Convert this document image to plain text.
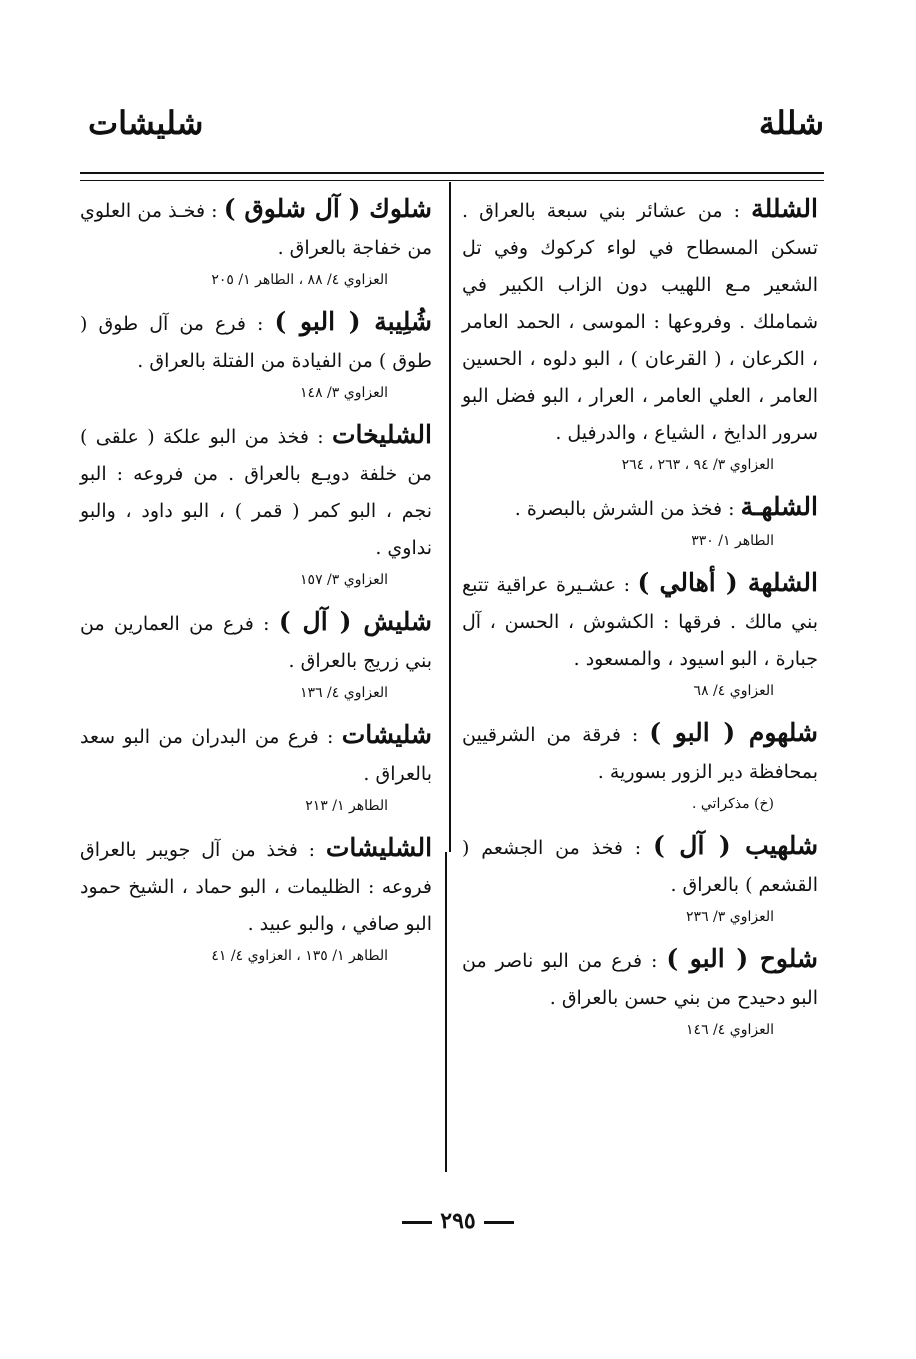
شللة
شليشات

الشللة : من عشائر بني سبعة بالعراق . تسكن المسطاح في لواء كركوك وفي تل الشعير مـع اللهيب دون الزاب الكبير في شماملك . وفروعها : الموسى ، الحمد العامر ، الكرعان ، ( القرعان ) ، البو دلوه ، الحسين العامر ، العلي العامر ، العرار ، البو فضل البو سرور الدايخ ، الشياع ، والدرفيل .

العزاوي ٣/ ٩٤ ، ٢٦٣ ، ٢٦٤

الشلهـة : فخذ من الشرش بالبصرة .

الطاهر ١/ ٣٣٠

الشلهة ( أهالي ) : عشـيرة عراقية تتبع بني مالك . فرقها : الكشوش ، الحسن ، آل جبارة ، البو اسيود ، والمسعود .

العزاوي ٤/ ٦٨

شلهوم ( البو ) : فرقة من الشرقيين بمحافظة دير الزور بسورية .

(خ) مذكراتي .

شلهيب ( آل ) : فخذ من الجشعم ( القشعم ) بالعراق .

العزاوي ٣/ ٢٣٦

شلوح ( البو ) : فرع من البو ناصر من البو دحيدح من بني حسن بالعراق .

العزاوي ٤/ ١٤٦

شلوك ( آل شلوق ) : فخـذ من العلوي من خفاجة بالعراق .

العزاوي ٤/ ٨٨ ، الطاهر ١/ ٢٠٥

شُلِيبة ( البو ) : فرع من آل طوق ( طوق ) من الفيادة من الفتلة بالعراق .

العزاوي ٣/ ١٤٨

الشليخات : فخذ من البو علكة ( علقى ) من خلفة دويـع بالعراق . من فروعه : البو نجم ، البو كمر ( قمر ) ، البو داود ، والبو نداوي .

العزاوي ٣/ ١٥٧

شليش ( آل ) : فرع من العمارين من بني زريج بالعراق .

العزاوي ٤/ ١٣٦

شليشات : فرع من البدران من البو سعد بالعراق .

الطاهر ١/ ٢١٣

الشليشات : فخذ من آل جويبر بالعراق فروعه : الظليمات ، البو حماد ، الشيخ حمود البو صافي ، والبو عبيد .

الطاهر ١/ ١٣٥ ، العزاوي ٤/ ٤١
٢٩٥
